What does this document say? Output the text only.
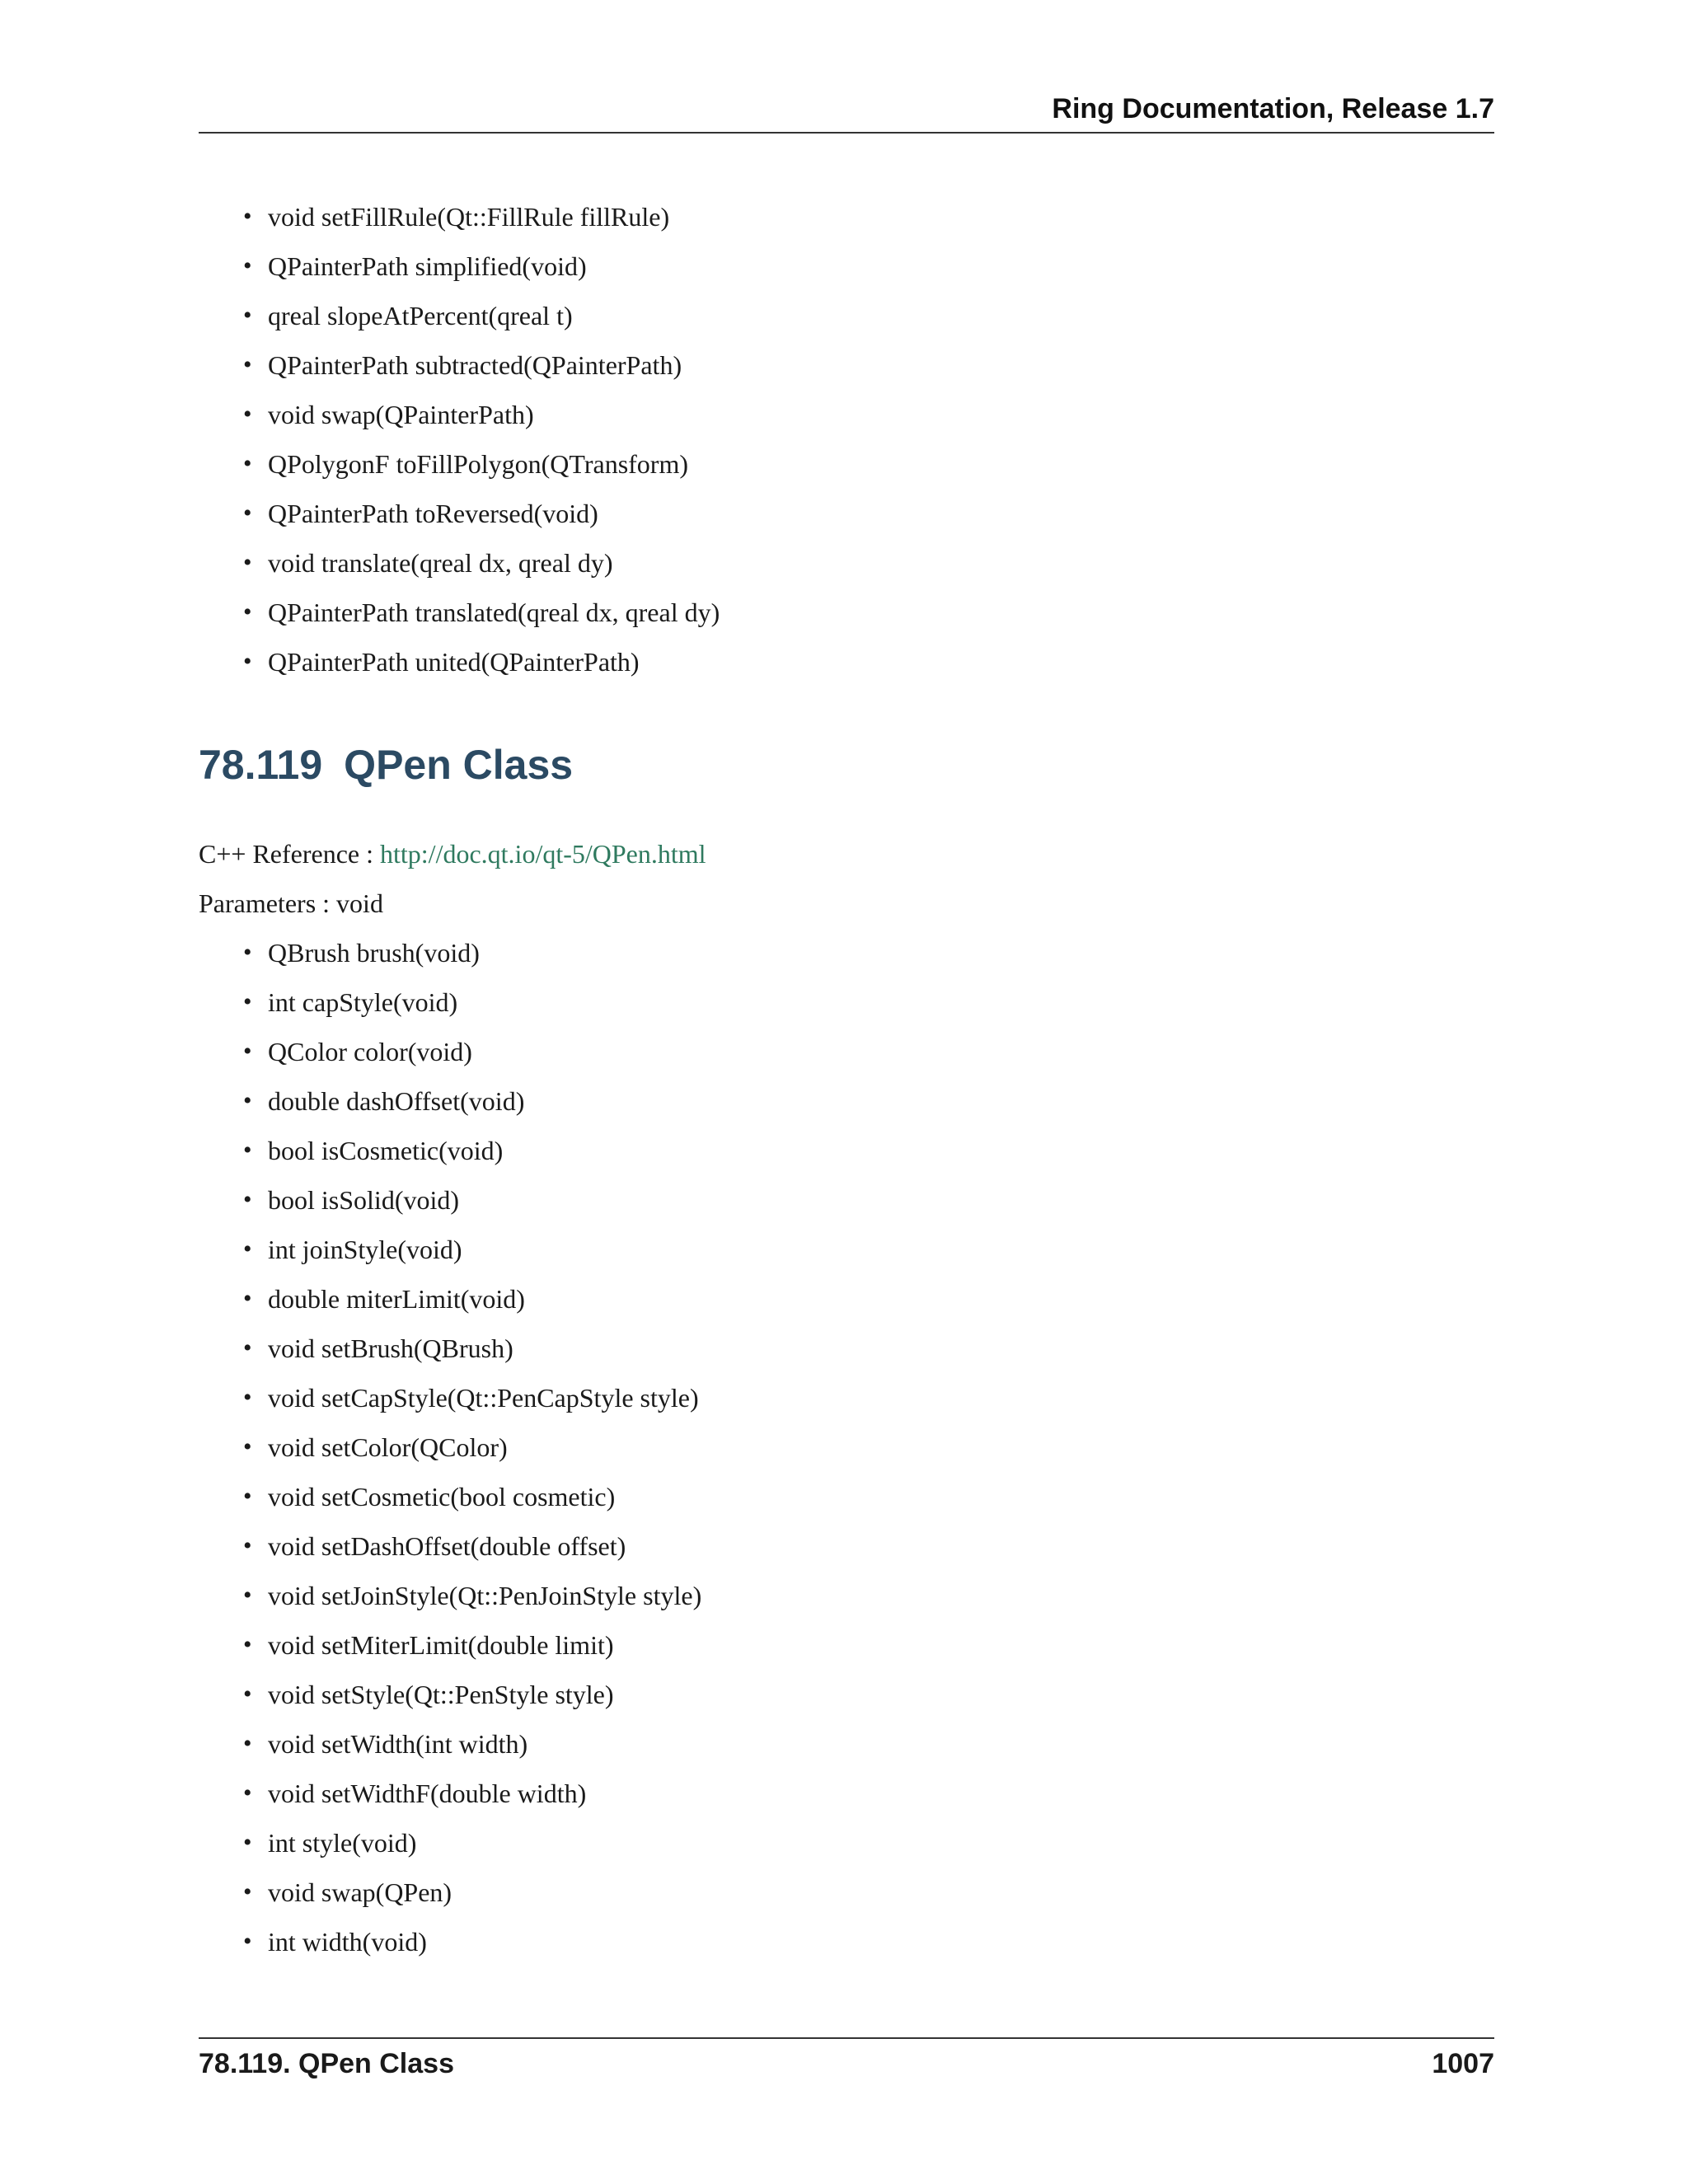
Ring Documentation, Release 1.7
• void setFillRule(Qt::FillRule fillRule)
• QPainterPath simplified(void)
• qreal slopeAtPercent(qreal t)
• QPainterPath subtracted(QPainterPath)
• void swap(QPainterPath)
• QPolygonF toFillPolygon(QTransform)
• QPainterPath toReversed(void)
• void translate(qreal dx, qreal dy)
• QPainterPath translated(qreal dx, qreal dy)
• QPainterPath united(QPainterPath)
78.119 QPen Class
C++ Reference : http://doc.qt.io/qt-5/QPen.html
Parameters : void
• QBrush brush(void)
• int capStyle(void)
• QColor color(void)
• double dashOffset(void)
• bool isCosmetic(void)
• bool isSolid(void)
• int joinStyle(void)
• double miterLimit(void)
• void setBrush(QBrush)
• void setCapStyle(Qt::PenCapStyle style)
• void setColor(QColor)
• void setCosmetic(bool cosmetic)
• void setDashOffset(double offset)
• void setJoinStyle(Qt::PenJoinStyle style)
• void setMiterLimit(double limit)
• void setStyle(Qt::PenStyle style)
• void setWidth(int width)
• void setWidthF(double width)
• int style(void)
• void swap(QPen)
• int width(void)
78.119. QPen Class	1007
